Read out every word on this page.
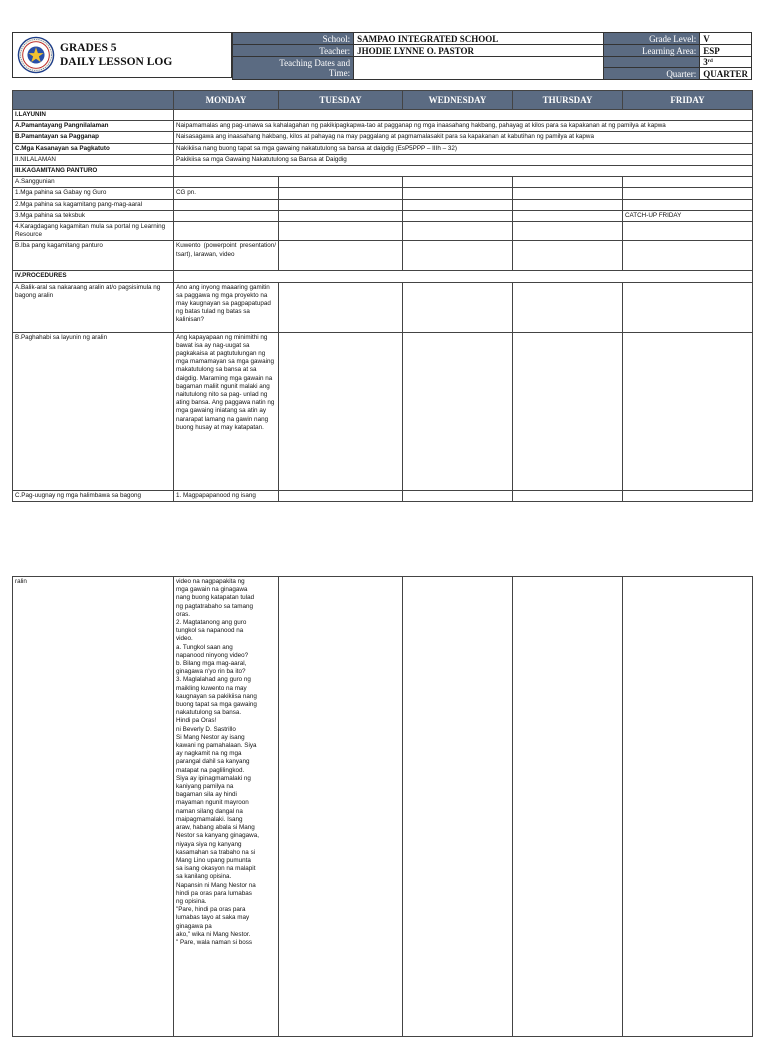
GRADES 5
DAILY LESSON LOG
School:	SAMPAO INTEGRATED SCHOOL	Grade Level:	V
Teacher:	JHODIE LYNNE O. PASTOR	Learning Area:	ESP

Teaching Dates and
Time:			3rd
		Quarter:	QUARTER
	MONDAY	TUESDAY	WEDNESDAY	THURSDAY	FRIDAY
I.LAYUNIN					
A.Pamantayang Pangnilalaman	Naipamamalas ang pag-unawa sa kahalagahan ng pakikipagkapwa-tao at pagganap ng mga inaasahang hakbang, pahayag at kilos para sa kapakanan at ng pamilya at kapwa				
B.Pamantayan sa Pagganap	Naisasagawa ang inaasahang hakbang, kilos at pahayag na may paggalang at pagmamalasakit para sa kapakanan at kabutihan ng pamilya at kapwa				
C.Mga Kasanayan sa Pagkatuto	Nakikiisa nang buong tapat sa mga gawaing nakatutulong sa bansa at daigdig (EsP5PPP – IIIh – 32)				
II.NILALAMAN	Pakikiisa sa mga Gawaing Nakatutulong sa Bansa at Daigdig				
III.KAGAMITANG PANTURO					
A.Sanggunian					
1.Mga pahina sa Gabay ng Guro	CG pn.				
2.Mga pahina sa kagamitang pang-mag-aaral					
3.Mga pahina sa teksbuk					CATCH-UP FRIDAY
4.Karagdagang kagamitan mula sa portal ng Learning Resource					
B.Iba pang kagamitang panturo	Kuwento (powerpoint presentation/ tsart), larawan, video				
IV.PROCEDURES					
A.Balik-aral sa nakaraang aralin at/o pagsisimula ng bagong aralin	Ano ang inyong maaaring gamitin sa paggawa ng mga proyekto na may kaugnayan sa pagpapatupad ng batas tulad ng batas sa kalinisan?				
B.Paghahabi sa layunin ng aralin	Ang kapayapaan ng minimithi ng bawat isa ay nag-uugat sa pagkakaisa at pagtutulungan ng mga mamamayan sa mga gawaing makatutulong sa bansa at sa daigdig. Maraming mga gawain na bagaman maliit ngunit malaki ang naitutulong nito sa pag- unlad ng ating bansa. Ang paggawa natin ng mga gawaing iniatang sa atin ay nararapat lamang na gawin nang buong husay at may katapatan.				
C.Pag-uugnay ng mga halimbawa sa bagong	1. Magpapapanood ng isang				
ralin	video na nagpapakita ng
mga gawain na ginagawa
nang buong katapatan tulad
ng pagtatrabaho sa tamang
oras.
2. Magtatanong ang guro
tungkol sa napanood na
video.
a. Tungkol saan ang
napanood ninyong video?
b. Bilang mga mag-aaral,
ginagawa n'yo rin ba ito?
3. Maglalahad ang guro ng
maikling kuwento na may
kaugnayan sa pakikiisa nang
buong tapat sa mga gawaing
nakatutulong sa bansa.
Hindi pa Oras!
ni Beverly D. Sastrillo
Si Mang Nestor ay isang
kawani ng pamahalaan. Siya
ay nagkamit na ng mga
parangal dahil sa kanyang
matapat na paglilingkod.
Siya ay ipinagmamalaki ng
kaniyang pamilya na
bagaman sila ay hindi
mayaman ngunit mayroon
naman silang dangal na
maipagmamalaki. Isang
araw, habang abala si Mang
Nestor sa kanyang ginagawa,
niyaya siya ng kanyang
kasamahan sa trabaho na si
Mang Lino upang pumunta
sa isang okasyon na malapit
sa kanilang opisina.
Napansin ni Mang Nestor na
hindi pa oras para lumabas
ng opisina.
"Pare, hindi pa oras para
lumabas tayo at saka may
ginagawa pa
ako," wika ni Mang Nestor.
" Pare, wala naman si boss				
